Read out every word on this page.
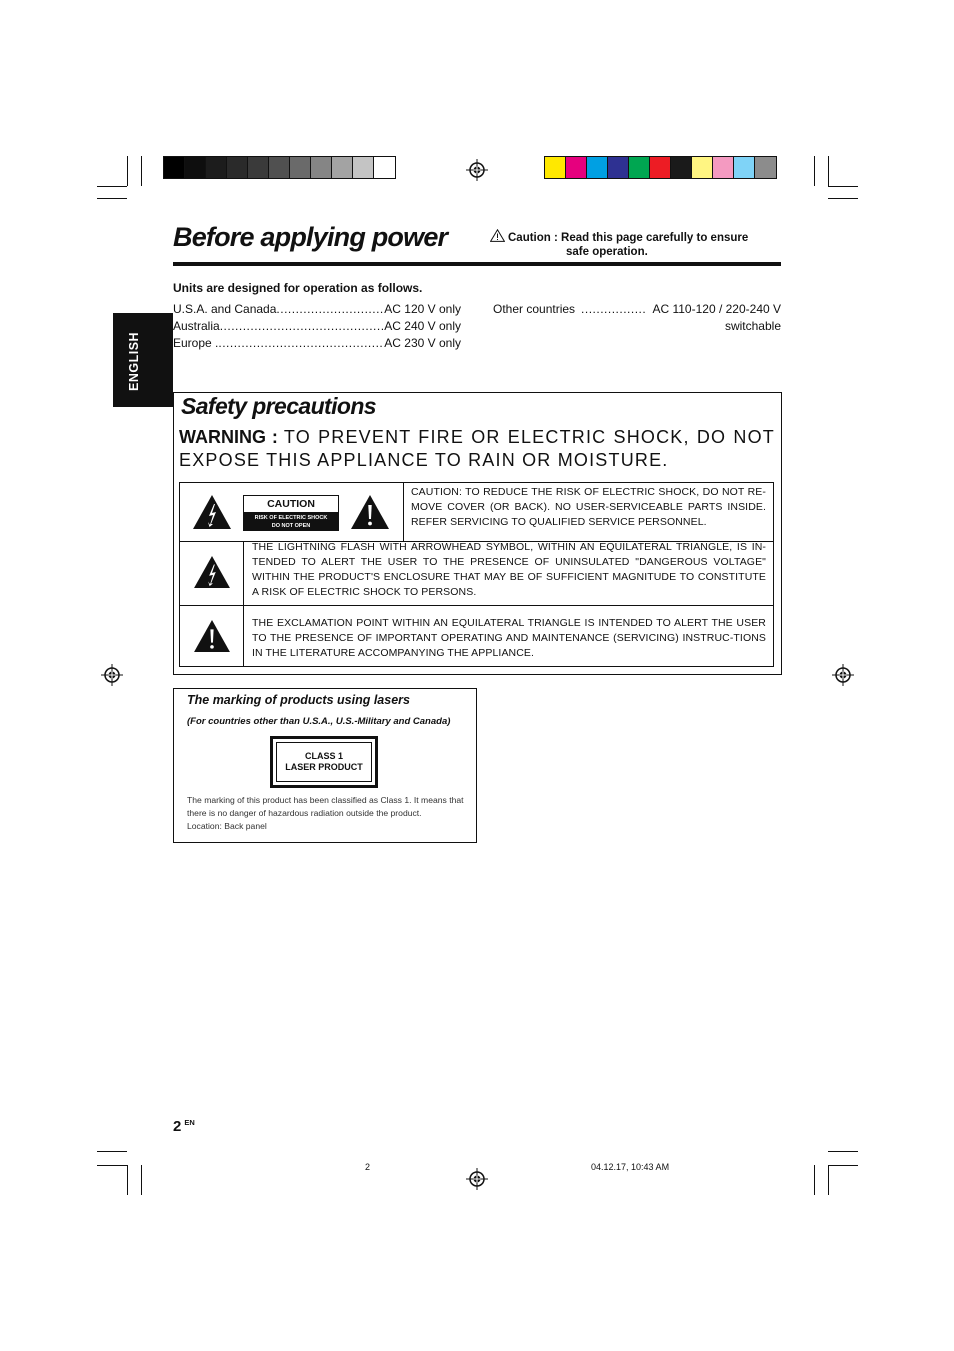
Before applying power	Caution : Read this page carefully to ensure
safe operation.
ENGLISH
Units are designed for operation as follows.
U.S.A. and Canada .....	AC 120 V only
Australia .....	AC 240 V only
Europe . .....	AC 230 V only
Other countries .....	AC 110-120 / 220-240 V
switchable
Safety precautions
WARNING : TO PREVENT FIRE OR ELECTRIC SHOCK, DO NOT EXPOSE THIS APPLIANCE TO RAIN OR MOISTURE.
CAUTION
RISK OF ELECTRIC SHOCK
DO NOT OPEN
CAUTION: TO REDUCE THE RISK OF ELECTRIC SHOCK, DO NOT RE-MOVE COVER (OR BACK). NO USER-SERVICEABLE PARTS INSIDE. REFER SERVICING TO QUALIFIED SERVICE PERSONNEL.
THE LIGHTNING FLASH WITH ARROWHEAD SYMBOL, WITHIN AN EQUILATERAL TRIANGLE, IS IN-TENDED TO ALERT THE USER TO THE PRESENCE OF UNINSULATED "DANGEROUS VOLTAGE" WITHIN THE PRODUCT'S ENCLOSURE THAT MAY BE OF SUFFICIENT MAGNITUDE TO CONSTITUTE A RISK OF ELECTRIC SHOCK TO PERSONS.
THE EXCLAMATION POINT WITHIN AN EQUILATERAL TRIANGLE IS INTENDED TO ALERT THE USER TO THE PRESENCE OF IMPORTANT OPERATING AND MAINTENANCE (SERVICING) INSTRUC-TIONS IN THE LITERATURE ACCOMPANYING THE APPLIANCE.
The marking of products using lasers
(For countries other than U.S.A., U.S.-Military and Canada)
CLASS 1
LASER PRODUCT
The marking of this product has been classified as Class 1. It means that there is no danger of hazardous radiation outside the product.
Location: Back panel
2 $^{EN}$
2	04.12.17, 10:43 AM
